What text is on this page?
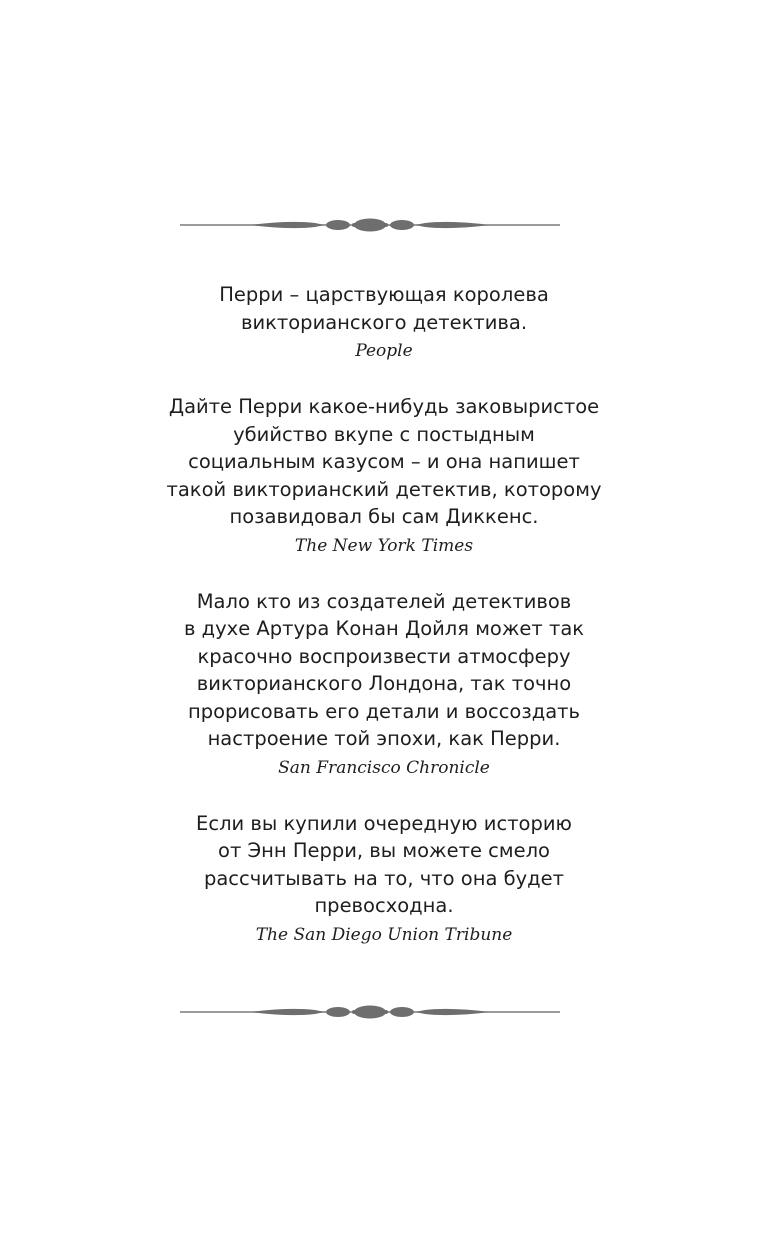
Перри – царствующая королева
викторианского детектива.

People

Дайте Перри какое-нибудь заковыристое
убийство вкупе с постыдным
социальным казусом – и она напишет
такой викторианский детектив, которому
позавидовал бы сам Диккенс.

The New York Times

Мало кто из создателей детективов
в духе Артура Конан Дойля может так
красочно воспроизвести атмосферу
викторианского Лондона, так точно
прорисовать его детали и воссоздать
настроение той эпохи, как Перри.

San Francisco Chronicle

Если вы купили очередную историю
от Энн Перри, вы можете смело
рассчитывать на то, что она будет
превосходна.

The San Diego Union Tribune
